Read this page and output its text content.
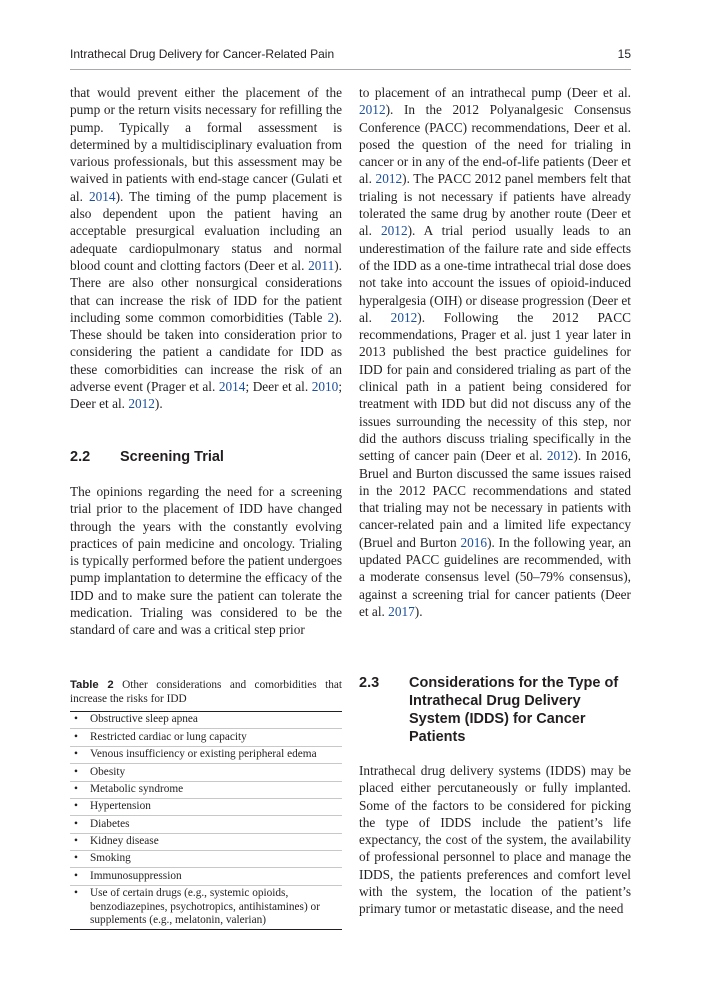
Intrathecal Drug Delivery for Cancer-Related Pain	15

that would prevent either the placement of the pump or the return visits necessary for refilling the pump. Typically a formal assessment is determined by a multidisciplinary evaluation from various professionals, but this assessment may be waived in patients with end-stage cancer (Gulati et al. 2014). The timing of the pump placement is also dependent upon the patient having an acceptable presurgical evaluation including an adequate cardiopulmonary status and normal blood count and clotting factors (Deer et al. 2011). There are also other nonsurgical considerations that can increase the risk of IDD for the patient including some common comorbidities (Table 2). These should be taken into consideration prior to considering the patient a candidate for IDD as these comorbidities can increase the risk of an adverse event (Prager et al. 2014; Deer et al. 2010; Deer et al. 2012).

2.2 Screening Trial

The opinions regarding the need for a screening trial prior to the placement of IDD have changed through the years with the constantly evolving practices of pain medicine and oncology. Trialing is typically performed before the patient undergoes pump implantation to determine the efficacy of the IDD and to make sure the patient can tolerate the medication. Trialing was considered to be the standard of care and was a critical step prior

Table 2 Other considerations and comorbidities that increase the risks for IDD

• Obstructive sleep apnea
• Restricted cardiac or lung capacity
• Venous insufficiency or existing peripheral edema
• Obesity
• Metabolic syndrome
• Hypertension
• Diabetes
• Kidney disease
• Smoking
• Immunosuppression
• Use of certain drugs (e.g., systemic opioids, benzodiazepines, psychotropics, antihistamines) or supplements (e.g., melatonin, valerian)

to placement of an intrathecal pump (Deer et al. 2012). In the 2012 Polyanalgesic Consensus Conference (PACC) recommendations, Deer et al. posed the question of the need for trialing in cancer or in any of the end-of-life patients (Deer et al. 2012). The PACC 2012 panel members felt that trialing is not necessary if patients have already tolerated the same drug by another route (Deer et al. 2012). A trial period usually leads to an underestimation of the failure rate and side effects of the IDD as a one-time intrathecal trial dose does not take into account the issues of opioid-induced hyperalgesia (OIH) or disease progression (Deer et al. 2012). Following the 2012 PACC recommendations, Prager et al. just 1 year later in 2013 published the best practice guidelines for IDD for pain and considered trialing as part of the clinical path in a patient being considered for treatment with IDD but did not discuss any of the issues surrounding the necessity of this step, nor did the authors discuss trialing specifically in the setting of cancer pain (Deer et al. 2012). In 2016, Bruel and Burton discussed the same issues raised in the 2012 PACC recommendations and stated that trialing may not be necessary in patients with cancer-related pain and a limited life expectancy (Bruel and Burton 2016). In the following year, an updated PACC guidelines are recommended, with a moderate consensus level (50–79% consensus), against a screening trial for cancer patients (Deer et al. 2017).

2.3 Considerations for the Type of Intrathecal Drug Delivery System (IDDS) for Cancer Patients

Intrathecal drug delivery systems (IDDS) may be placed either percutaneously or fully implanted. Some of the factors to be considered for picking the type of IDDS include the patient’s life expectancy, the cost of the system, the availability of professional personnel to place and manage the IDDS, the patients preferences and comfort level with the system, the location of the patient’s primary tumor or metastatic disease, and the need
